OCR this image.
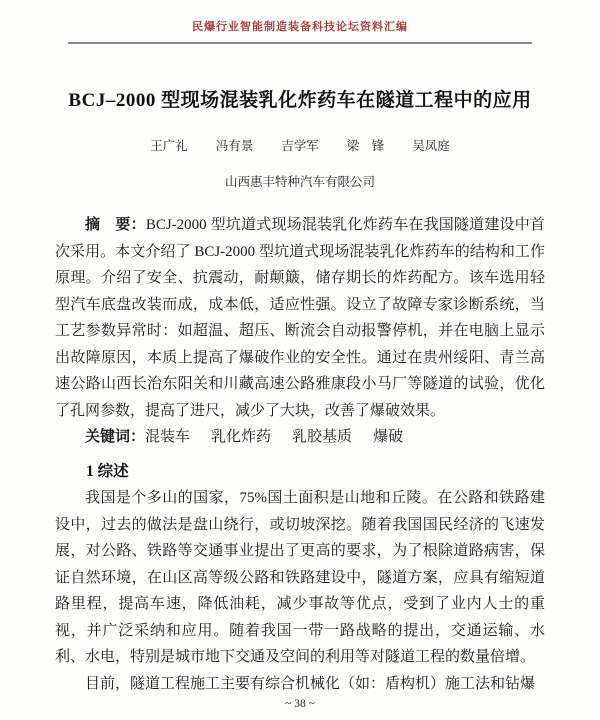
民爆行业智能制造装备科技论坛资料汇编
BCJ–2000 型现场混装乳化炸药车在隧道工程中的应用
王广礼 冯有景 吉学军 梁　锋 吴凤庭
山西惠丰特种汽车有限公司

摘　要：BCJ-2000 型坑道式现场混装乳化炸药车在我国隧道建设中首次采用。本文介绍了 BCJ-2000 型坑道式现场混装乳化炸药车的结构和工作原理。介绍了安全、抗震动，耐颠簸，储存期长的炸药配方。该车选用轻型汽车底盘改装而成，成本低，适应性强。设立了故障专家诊断系统，当工艺参数异常时：如超温、超压、断流会自动报警停机，并在电脑上显示出故障原因，本质上提高了爆破作业的安全性。通过在贵州绥阳、青兰高速公路山西长治东阳关和川藏高速公路雅康段小马厂等隧道的试验，优化了孔网参数，提高了进尺，减少了大块，改善了爆破效果。

关键词：混装车 乳化炸药 乳胶基质 爆破

1 综述

我国是个多山的国家，75%国土面积是山地和丘陵。在公路和铁路建设中，过去的做法是盘山绕行，或切坡深挖。随着我国国民经济的飞速发展，对公路、铁路等交通事业提出了更高的要求，为了根除道路病害，保证自然环境，在山区高等级公路和铁路建设中，隧道方案，应具有缩短道路里程，提高车速，降低油耗，减少事故等优点，受到了业内人士的重视，并广泛采纳和应用。随着我国一带一路战略的提出，交通运输、水利、水电，特别是城市地下交通及空间的利用等对隧道工程的数量倍增。

目前，隧道工程施工主要有综合机械化（如：盾构机）施工法和钻爆

~ 38 ~
